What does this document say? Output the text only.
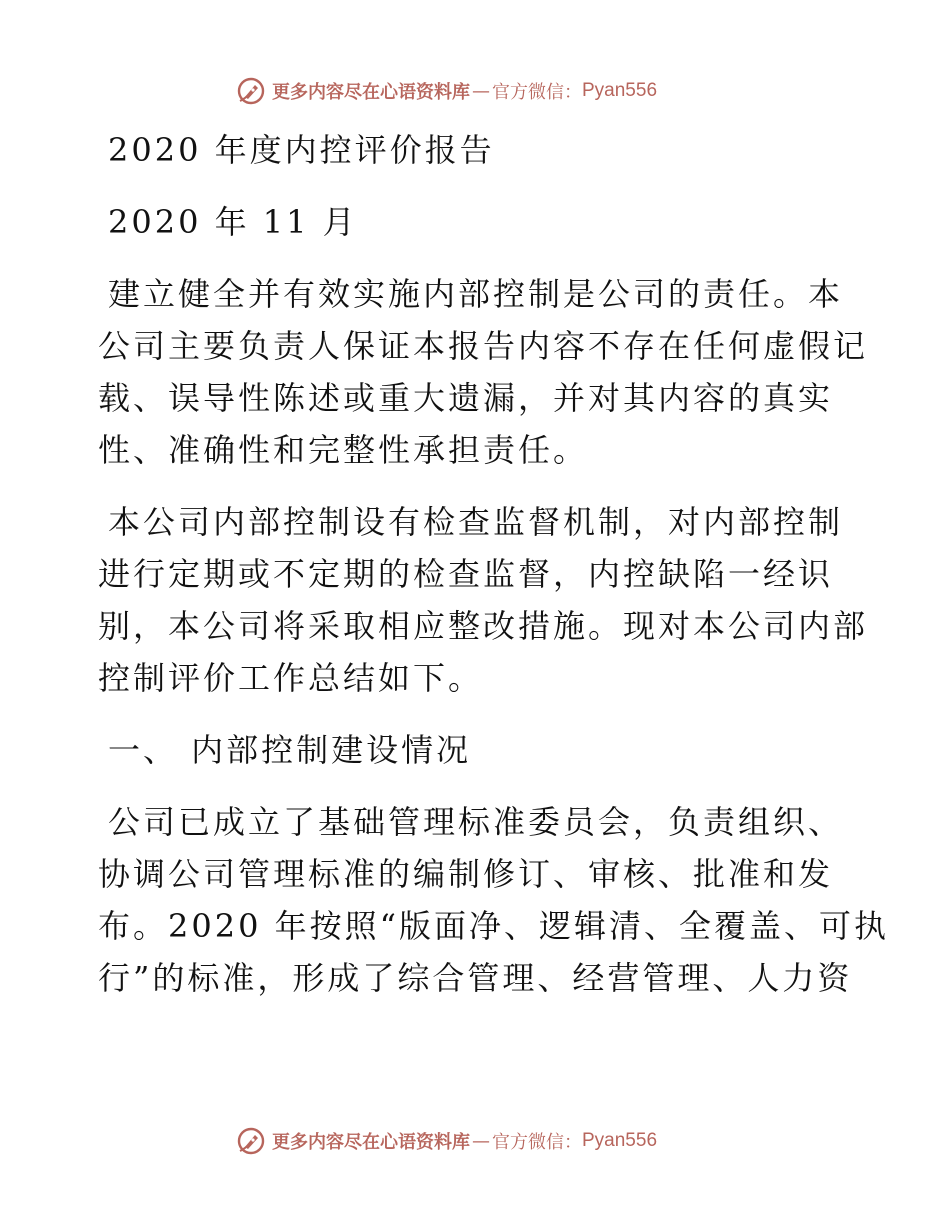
更多内容尽在心语资料库 — 官方微信： Pyan556
2020 年度内控评价报告
2020 年 11 月
建立健全并有效实施内部控制是公司的责任。本
公司主要负责人保证本报告内容不存在任何虚假记
载、误导性陈述或重大遗漏，并对其内容的真实
性、准确性和完整性承担责任。
本公司内部控制设有检查监督机制，对内部控制
进行定期或不定期的检查监督，内控缺陷一经识
别，本公司将采取相应整改措施。现对本公司内部
控制评价工作总结如下。
一、 内部控制建设情况
公司已成立了基础管理标准委员会，负责组织、
协调公司管理标准的编制修订、审核、批准和发
布。2020 年按照“版面净、逻辑清、全覆盖、可执
行”的标准，形成了综合管理、经营管理、人力资
更多内容尽在心语资料库 — 官方微信： Pyan556
